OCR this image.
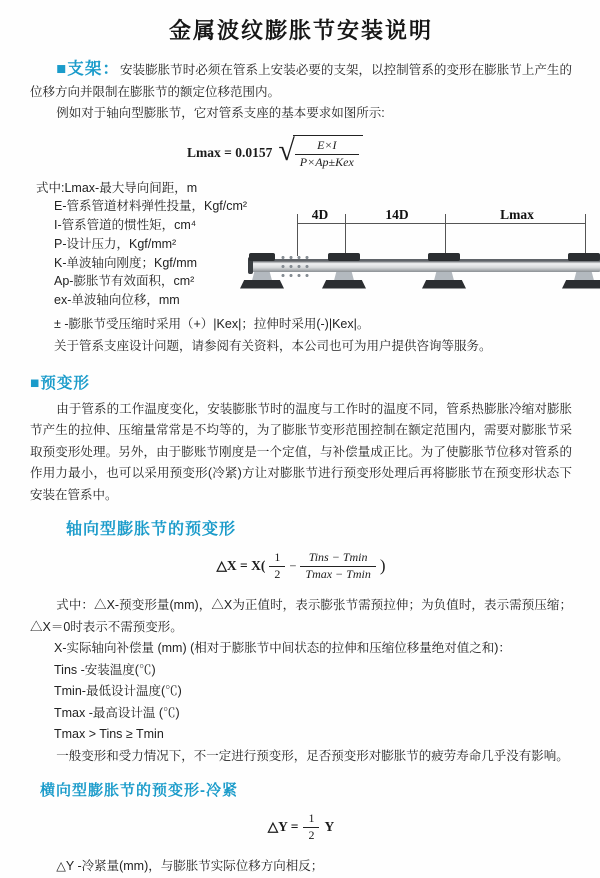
金属波纹膨胀节安装说明

■支架：安装膨胀节时必须在管系上安装必要的支架，以控制管系的变形在膨胀节上产生的位移方向并限制在膨胀节的额定位移范围内。

例如对于轴向型膨胀节，它对管系支座的基本要求如图所示:

Lmax = 0.0157 √ $\frac{E\times I}{\text{P×Ap±Kex}}$
式中:Lmax-最大导向间距，m
E-管系管道材料弹性投量，Kgf/cm²
I-管系管道的惯性矩，cm⁴
P-设计压力，Kgf/mm²
K-单波轴向刚度；Kgf/mm
Ap-膨胀节有效面积，cm²
ex-单波轴向位移，mm
4D	14D	Lmax

± -膨胀节受压缩时采用（+）|Kex|；拉伸时采用(-)|Kex|。

关于管系支座设计问题，请参阅有关资料，本公司也可为用户提供咨询等服务。

■预变形

由于管系的工作温度变化，安装膨胀节时的温度与工作时的温度不同，管系热膨胀冷缩对膨胀节产生的拉伸、压缩量常常是不均等的，为了膨胀节变形范围控制在额定范围内，需要对膨胀节采取预变形处理。另外，由于膨账节刚度是一个定值，与补偿量成正比。为了使膨胀节位移对管系的作用力最小，也可以采用预变形(冷紧)方让对膨胀节进行预变形处理后再将膨胀节在预变形状态下安装在管系中。

轴向型膨胀节的预变形
△X = $X( \frac{1}{2} - \frac{\text{Tins − Tmin}}{Tmax - Tmin}$ )

式中：△X-预变形量(mm)，△X为正值时，表示膨张节需预拉伸；为负值时，表示需预压缩；△X＝0时表示不需预变形。

X-实际轴向补偿量 (mm) (相对于膨胀节中间状态的拉伸和压缩位移量绝对值之和)：

Tins -安装温度(℃)

Tmin-最低设计温度(℃)

Tmax -最高设计温 (℃)

Tmax > Tins ≥ Tmin

一般变形和受力情况下，不一定进行预变形，足否预变形对膨胀节的疲劳寿命几乎没有影响。

横向型膨胀节的预变形-冷紧
△Y = $\frac{1}{2}$ Y

△Y -冷紧量(mm)，与膨胀节实际位移方向相反；
